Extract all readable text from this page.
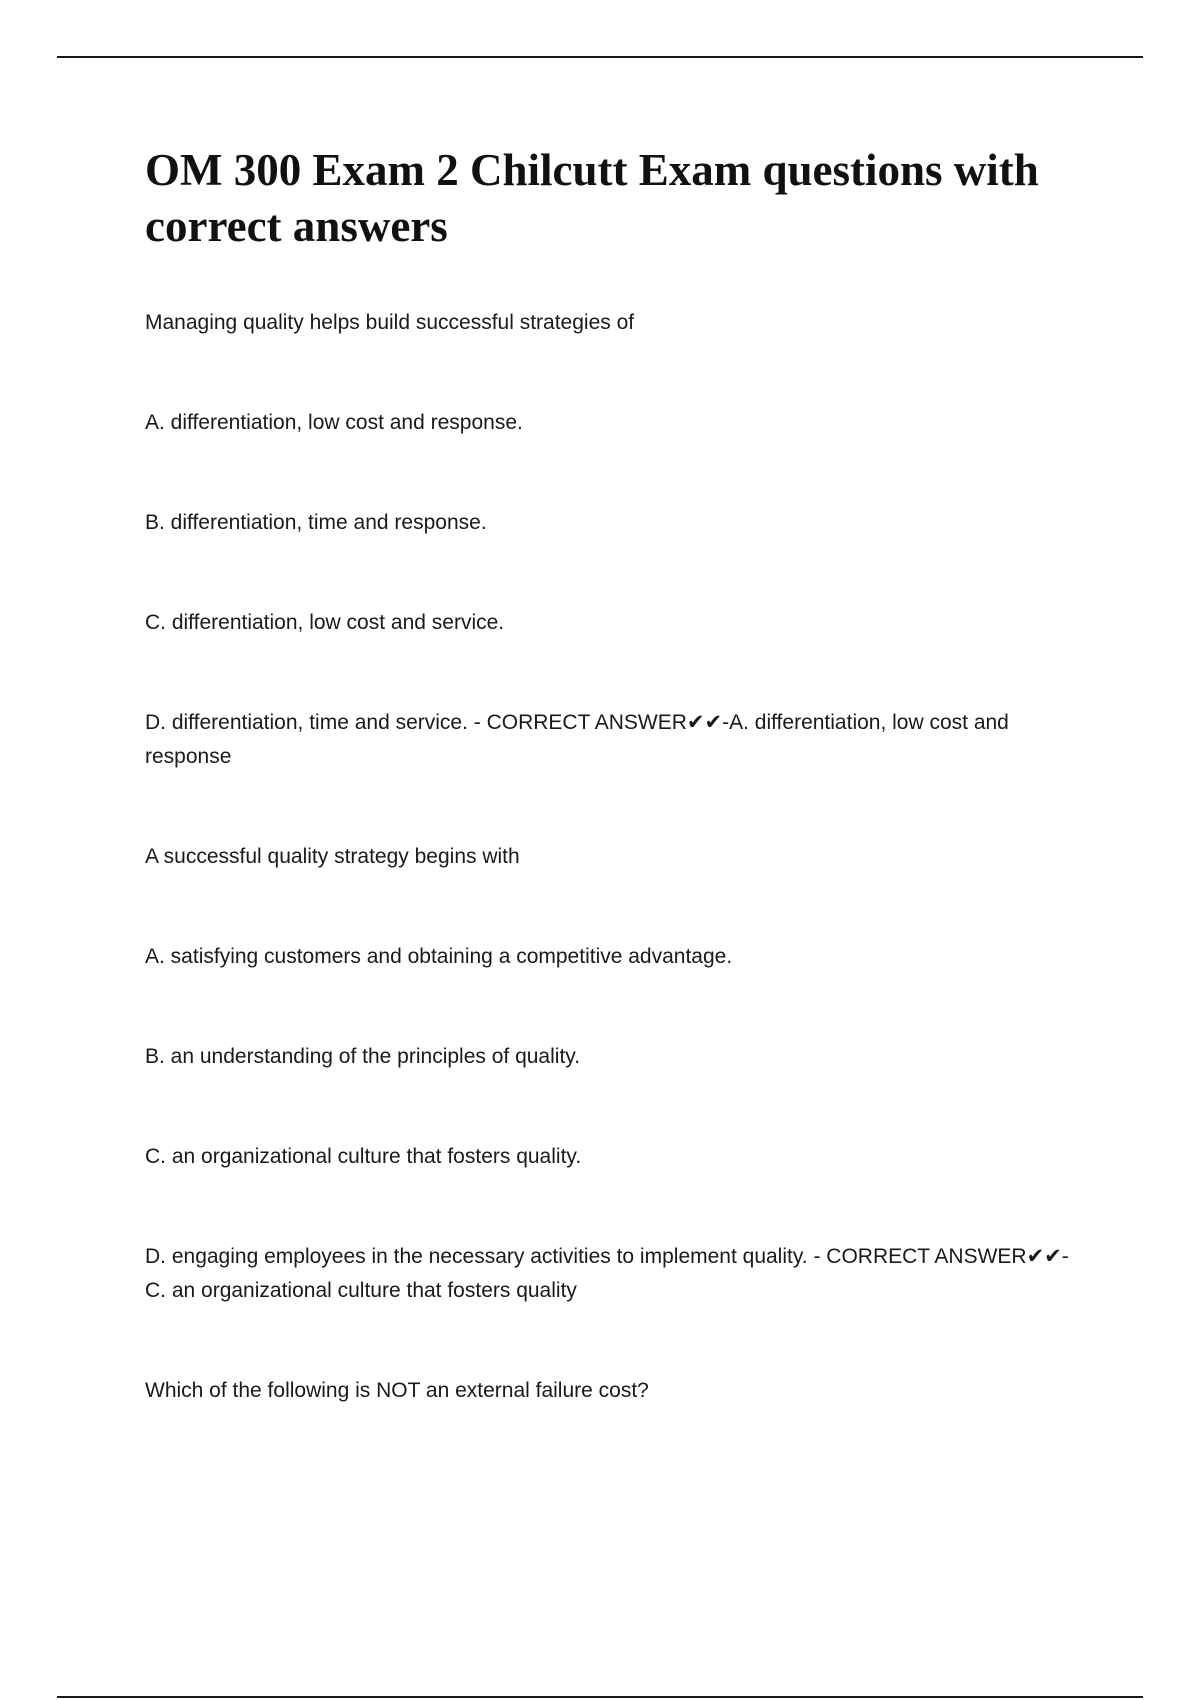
OM 300 Exam 2 Chilcutt Exam questions with correct answers

Managing quality helps build successful strategies of

A. differentiation, low cost and response.

B. differentiation, time and response.

C. differentiation, low cost and service.

D. differentiation, time and service. - CORRECT ANSWER✔✔-A. differentiation, low cost and response

A successful quality strategy begins with

A. satisfying customers and obtaining a competitive advantage.

B. an understanding of the principles of quality.

C. an organizational culture that fosters quality.

D. engaging employees in the necessary activities to implement quality. - CORRECT ANSWER✔✔-C. an organizational culture that fosters quality

Which of the following is NOT an external failure cost?
